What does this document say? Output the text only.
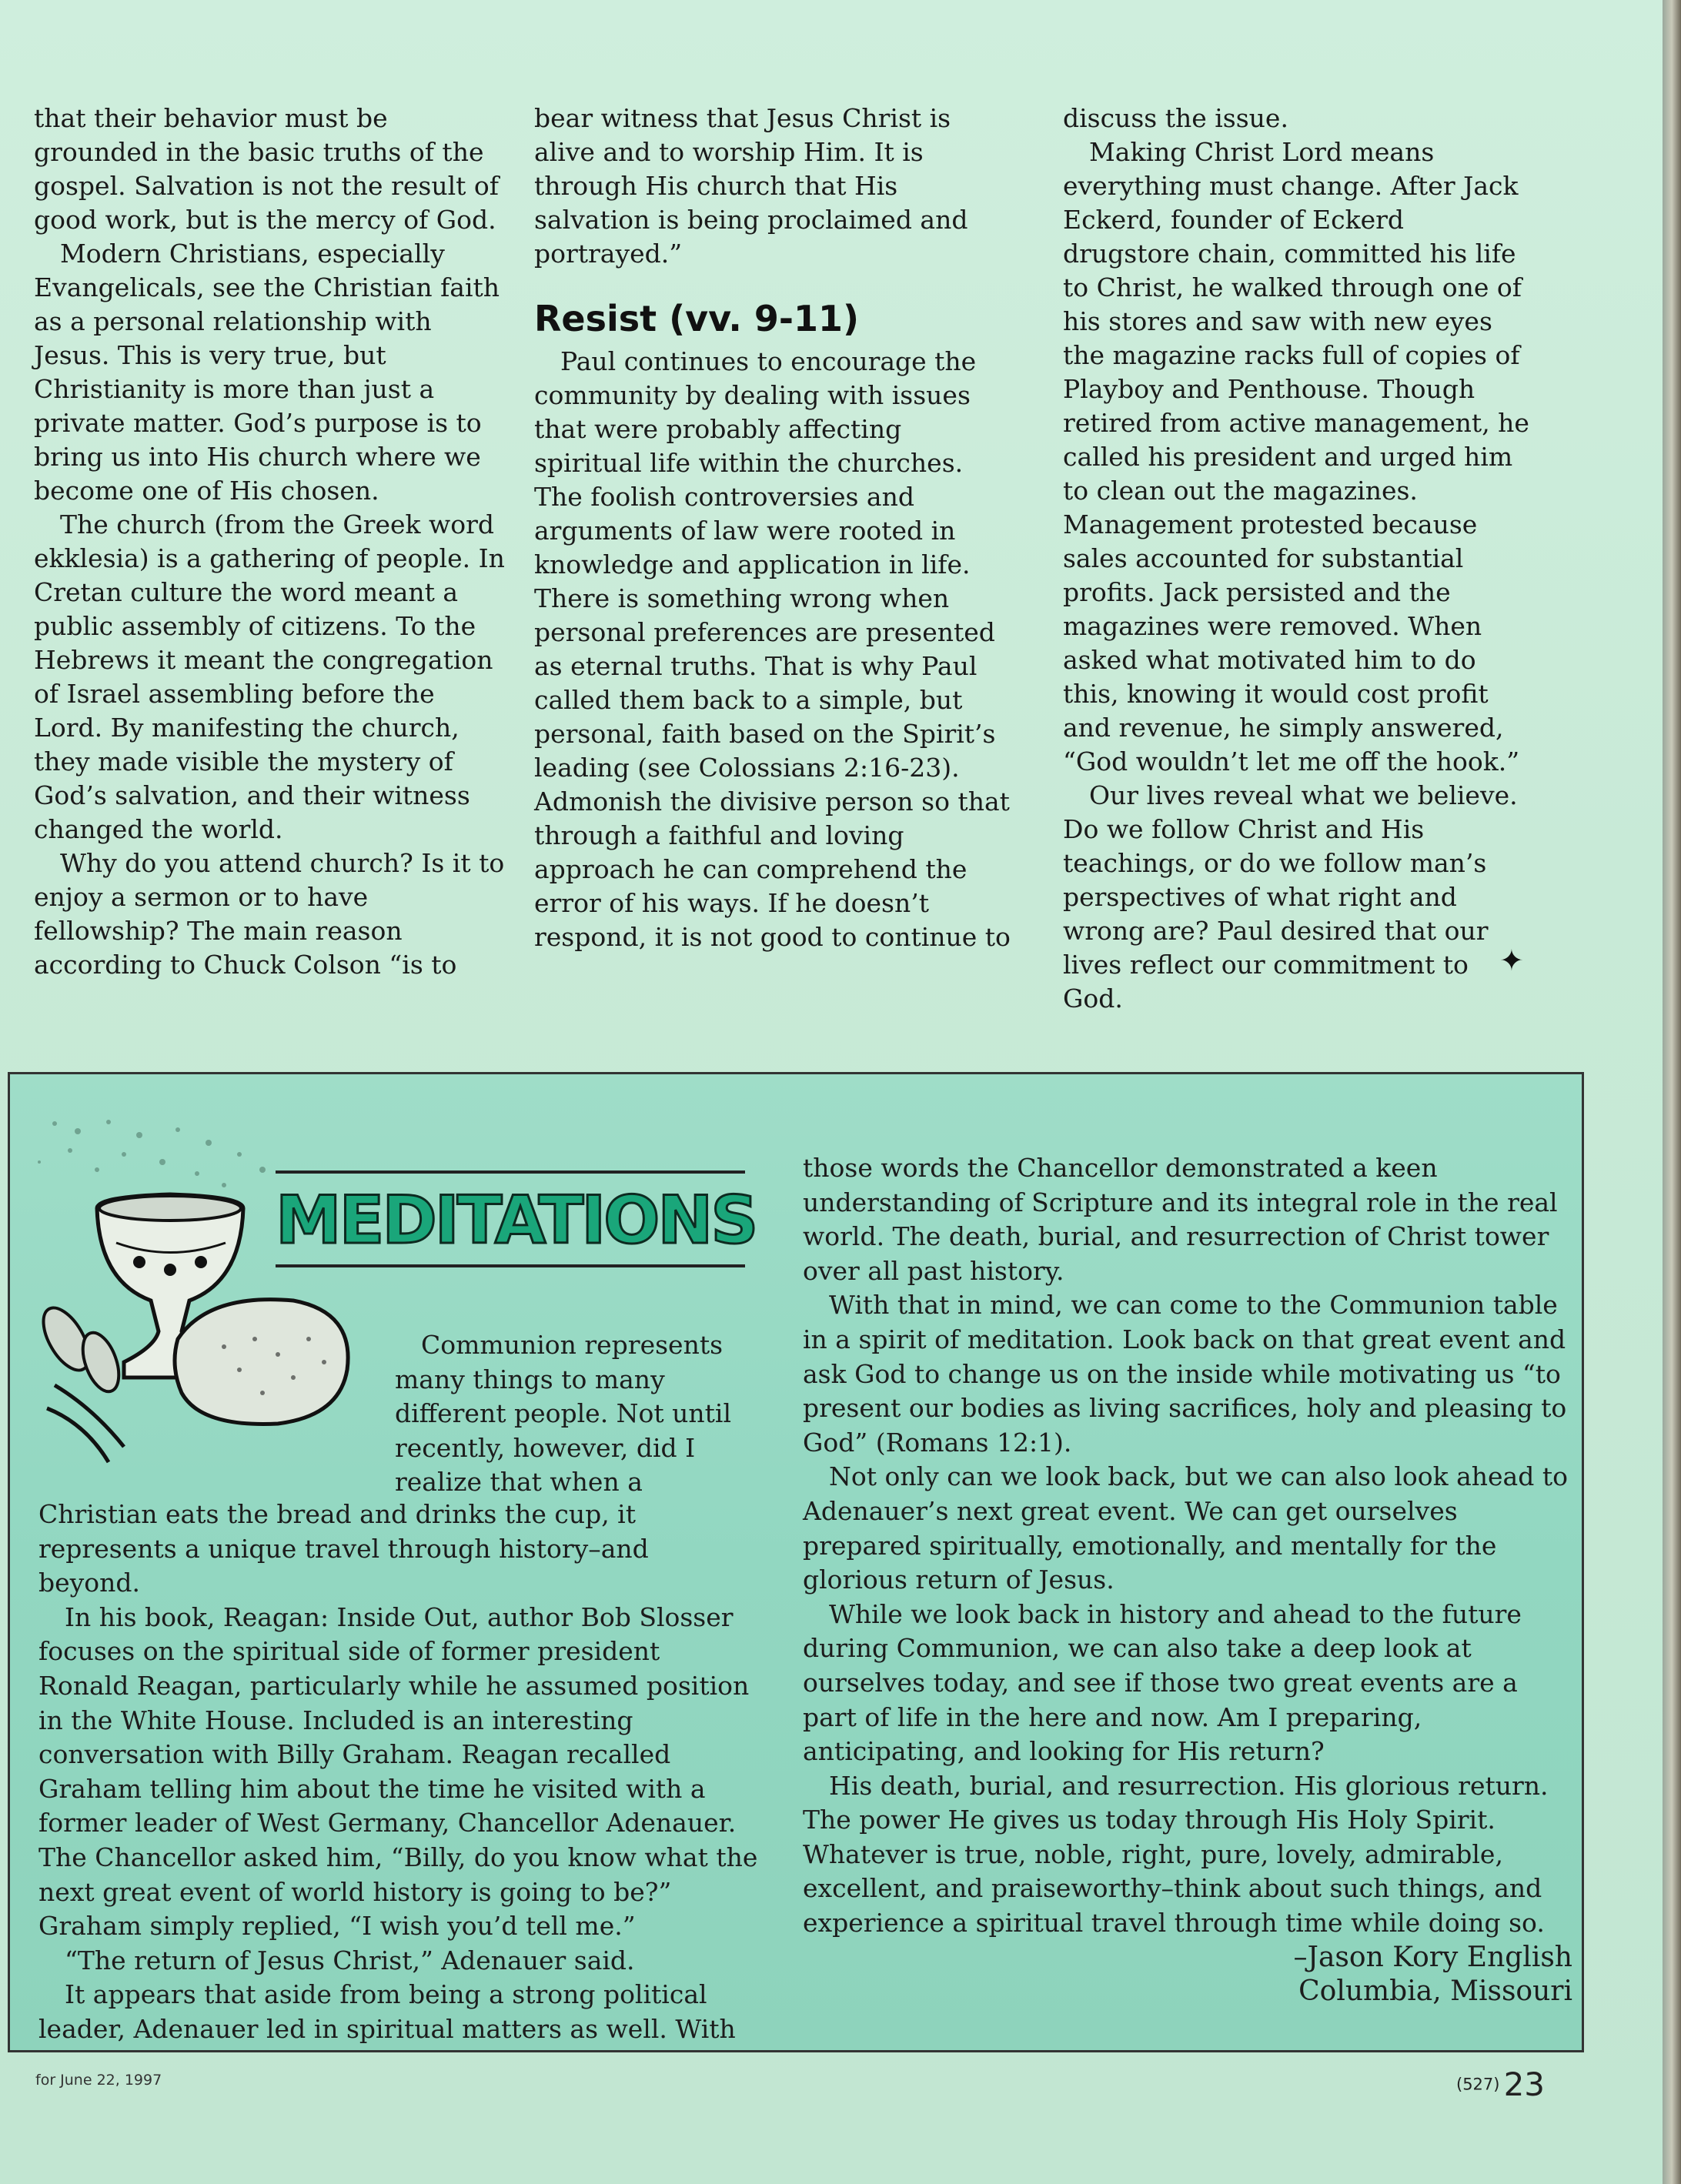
that their behavior must be grounded in the basic truths of the gospel. Salvation is not the result of good work, but is the mercy of God.

Modern Christians, especially Evangelicals, see the Christian faith as a personal relationship with Jesus. This is very true, but Christianity is more than just a private matter. God’s purpose is to bring us into His church where we become one of His chosen.

The church (from the Greek word ekklesia) is a gathering of people. In Cretan culture the word meant a public assembly of citizens. To the Hebrews it meant the congregation of Israel assembling before the Lord. By manifesting the church, they made visible the mystery of God’s salvation, and their witness changed the world.

Why do you attend church? Is it to enjoy a sermon or to have fellowship? The main reason according to Chuck Colson “is to

bear witness that Jesus Christ is alive and to worship Him. It is through His church that His salvation is being proclaimed and portrayed.”

Resist (vv. 9-11)

Paul continues to encourage the community by dealing with issues that were probably affecting spiritual life within the churches. The foolish controversies and arguments of law were rooted in knowledge and application in life. There is something wrong when personal preferences are presented as eternal truths. That is why Paul called them back to a simple, but personal, faith based on the Spirit’s leading (see Colossians 2:16-23). Admonish the divisive person so that through a faithful and loving approach he can comprehend the error of his ways. If he doesn’t respond, it is not good to continue to

discuss the issue.

Making Christ Lord means everything must change. After Jack Eckerd, founder of Eckerd drugstore chain, committed his life to Christ, he walked through one of his stores and saw with new eyes the magazine racks full of copies of Playboy and Penthouse. Though retired from active management, he called his president and urged him to clean out the magazines. Management protested because sales accounted for substantial profits. Jack persisted and the magazines were removed. When asked what motivated him to do this, knowing it would cost profit and revenue, he simply answered, “God wouldn’t let me off the hook.”

Our lives reveal what we believe. Do we follow Christ and His teachings, or do we follow man’s perspectives of what right and wrong are? Paul desired that our lives reflect our commitment to God.

✦
MEDITATIONS

Communion represents many things to many different people. Not until recently, however, did I realize that when a

Christian eats the bread and drinks the cup, it represents a unique travel through history–and beyond.

In his book, Reagan: Inside Out, author Bob Slosser focuses on the spiritual side of former president Ronald Reagan, particularly while he assumed position in the White House. Included is an interesting conversation with Billy Graham. Reagan recalled Graham telling him about the time he visited with a former leader of West Germany, Chancellor Adenauer. The Chancellor asked him, “Billy, do you know what the next great event of world history is going to be?” Graham simply replied, “I wish you’d tell me.”

“The return of Jesus Christ,” Adenauer said.

It appears that aside from being a strong political leader, Adenauer led in spiritual matters as well. With

those words the Chancellor demonstrated a keen understanding of Scripture and its integral role in the real world. The death, burial, and resurrection of Christ tower over all past history.

With that in mind, we can come to the Communion table in a spirit of meditation. Look back on that great event and ask God to change us on the inside while motivating us “to present our bodies as living sacrifices, holy and pleasing to God” (Romans 12:1).

Not only can we look back, but we can also look ahead to Adenauer’s next great event. We can get ourselves prepared spiritually, emotionally, and mentally for the glorious return of Jesus.

While we look back in history and ahead to the future during Communion, we can also take a deep look at ourselves today, and see if those two great events are a part of life in the here and now. Am I preparing, anticipating, and looking for His return?

His death, burial, and resurrection. His glorious return. The power He gives us today through His Holy Spirit. Whatever is true, noble, right, pure, lovely, admirable, excellent, and praiseworthy–think about such things, and experience a spiritual travel through time while doing so.

–Jason Kory English
Columbia, Missouri
for June 22, 1997	(527) 23
